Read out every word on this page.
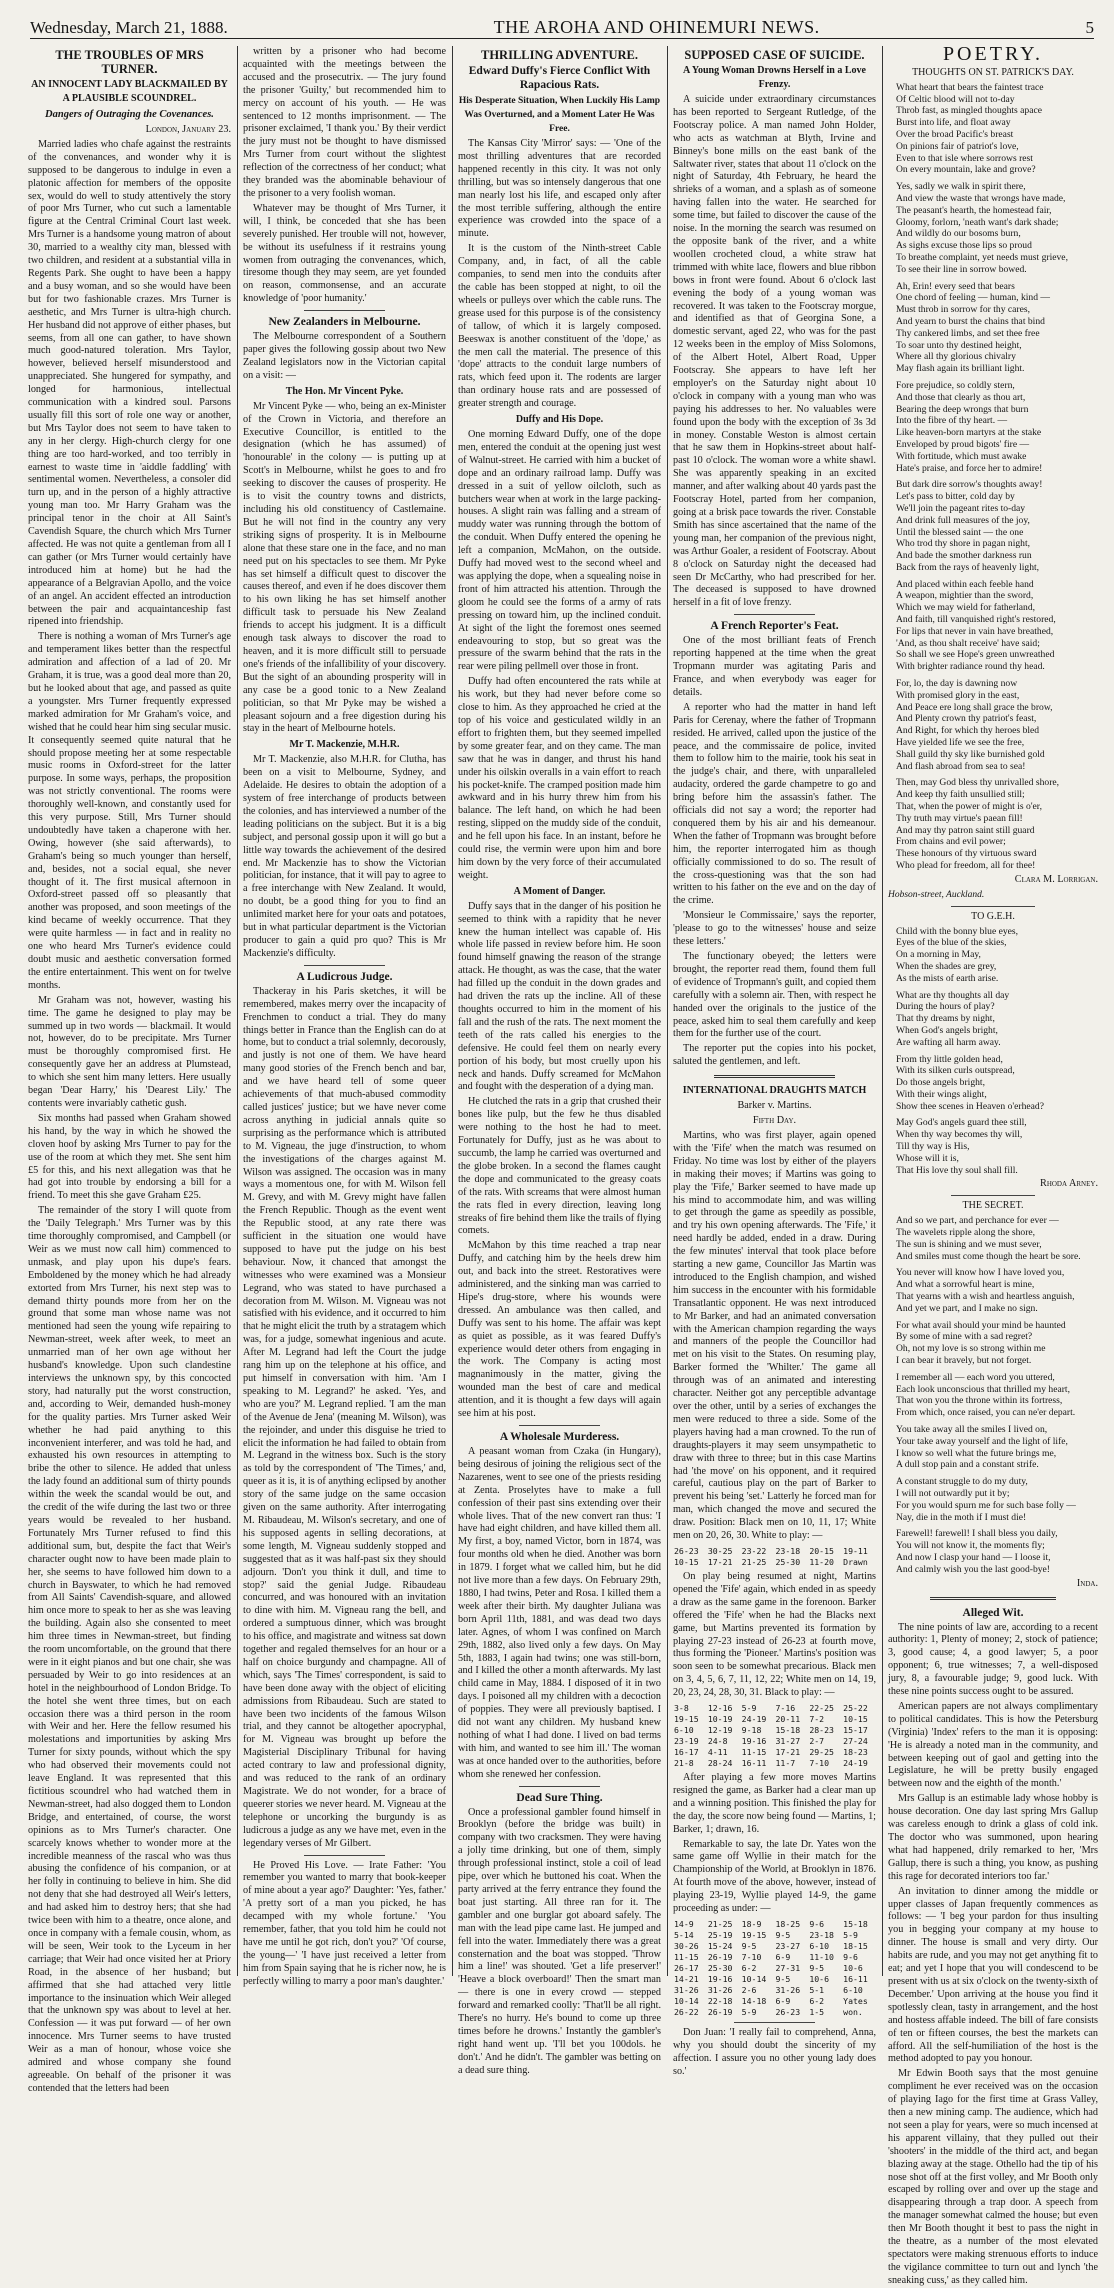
Wednesday, March 21, 1888.	THE AROHA AND OHINEMURI NEWS.	5
THE TROUBLES OF MRS TURNER.
AN INNOCENT LADY BLACKMAILED BY A PLAUSIBLE SCOUNDREL.
Dangers of Outraging the Covenances.
London, January 23.

Married ladies who chafe against the restraints of the convenances, and wonder why it is supposed to be dangerous to indulge in even a platonic affection for members of the opposite sex, would do well to study attentively the story of poor Mrs Turner, who cut such a lamentable figure at the Central Criminal Court last week. Mrs Turner is a handsome young matron of about 30, married to a wealthy city man, blessed with two children, and resident at a substantial villa in Regents Park. She ought to have been a happy and a busy woman, and so she would have been but for two fashionable crazes. Mrs Turner is aesthetic, and Mrs Turner is ultra-high church. Her husband did not approve of either phases, but seems, from all one can gather, to have shown much good-natured toleration. Mrs Taylor, however, believed herself misunderstood and unappreciated. She hungered for sympathy, and longed for harmonious, intellectual communication with a kindred soul. Parsons usually fill this sort of role one way or another, but Mrs Taylor does not seem to have taken to any in her clergy. High-church clergy for one thing are too hard-worked, and too terribly in earnest to waste time in 'aiddle faddling' with sentimental women. Nevertheless, a consoler did turn up, and in the person of a highly attractive young man too. Mr Harry Graham was the principal tenor in the choir at All Saint's Cavendish Square, the church which Mrs Turner affected. He was not quite a gentleman from all I can gather (or Mrs Turner would certainly have introduced him at home) but he had the appearance of a Belgravian Apollo, and the voice of an angel. An accident effected an introduction between the pair and acquaintanceship fast ripened into friendship.

There is nothing a woman of Mrs Turner's age and temperament likes better than the respectful admiration and affection of a lad of 20. Mr Graham, it is true, was a good deal more than 20, but he looked about that age, and passed as quite a youngster. Mrs Turner frequently expressed marked admiration for Mr Graham's voice, and wished that he could hear him sing secular music. It consequently seemed quite natural that he should propose meeting her at some respectable music rooms in Oxford-street for the latter purpose. In some ways, perhaps, the proposition was not strictly conventional. The rooms were thoroughly well-known, and constantly used for this very purpose. Still, Mrs Turner should undoubtedly have taken a chaperone with her. Owing, however (she said afterwards), to Graham's being so much younger than herself, and, besides, not a social equal, she never thought of it. The first musical afternoon in Oxford-street passed off so pleasantly that another was proposed, and soon meetings of the kind became of weekly occurrence. That they were quite harmless — in fact and in reality no one who heard Mrs Turner's evidence could doubt music and aesthetic conversation formed the entire entertainment. This went on for twelve months.

Mr Graham was not, however, wasting his time. The game he designed to play may be summed up in two words — blackmail. It would not, however, do to be precipitate. Mrs Turner must be thoroughly compromised first. He consequently gave her an address at Plumstead, to which she sent him many letters. Here usually began 'Dear Harry,' his 'Dearest Lily.' The contents were invariably cathetic gush.

Six months had passed when Graham showed his hand, by the way in which he showed the cloven hoof by asking Mrs Turner to pay for the use of the room at which they met. She sent him £5 for this, and his next allegation was that he had got into trouble by endorsing a bill for a friend. To meet this she gave Graham £25.

The remainder of the story I will quote from the 'Daily Telegraph.' Mrs Turner was by this time thoroughly compromised, and Campbell (or Weir as we must now call him) commenced to unmask, and play upon his dupe's fears. Emboldened by the money which he had already extorted from Mrs Turner, his next step was to demand thirty pounds more from her on the ground that some man whose name was not mentioned had seen the young wife repairing to Newman-street, week after week, to meet an unmarried man of her own age without her husband's knowledge. Upon such clandestine interviews the unknown spy, by this concocted story, had naturally put the worst construction, and, according to Weir, demanded hush-money for the quality parties. Mrs Turner asked Weir whether he had paid anything to this inconvenient interferer, and was told he had, and exhausted his own resources in attempting to bribe the other to silence. He added that unless the lady found an additional sum of thirty pounds within the week the scandal would be out, and the credit of the wife during the last two or three years would be revealed to her husband. Fortunately Mrs Turner refused to find this additional sum, but, despite the fact that Weir's character ought now to have been made plain to her, she seems to have followed him down to a church in Bayswater, to which he had removed from All Saints' Cavendish-square, and allowed him once more to speak to her as she was leaving the building. Again also she consented to meet him three times in Newman-street, but finding the room uncomfortable, on the ground that there were in it eight pianos and but one chair, she was persuaded by Weir to go into residences at an hotel in the neighbourhood of London Bridge. To the hotel she went three times, but on each occasion there was a third person in the room with Weir and her. Here the fellow resumed his molestations and importunities by asking Mrs Turner for sixty pounds, without which the spy who had observed their movements could not leave England. It was represented that this fictitious scoundrel who had watched them in Newman-street, had also dogged them to London Bridge, and entertained, of course, the worst opinions as to Mrs Turner's character. One scarcely knows whether to wonder more at the incredible meanness of the rascal who was thus abusing the confidence of his companion, or at her folly in continuing to believe in him. She did not deny that she had destroyed all Weir's letters, and had asked him to destroy hers; that she had twice been with him to a theatre, once alone, and once in company with a female cousin, whom, as will be seen, Weir took to the Lyceum in her carriage; that Weir had once visited her at Priory Road, in the absence of her husband; but affirmed that she had attached very little importance to the insinuation which Weir alleged that the unknown spy was about to level at her. Confession — it was put forward — of her own innocence. Mrs Turner seems to have trusted Weir as a man of honour, whose voice she admired and whose company she found agreeable. On behalf of the prisoner it was contended that the letters had been

written by a prisoner who had become acquainted with the meetings between the accused and the prosecutrix. — The jury found the prisoner 'Guilty,' but recommended him to mercy on account of his youth. — He was sentenced to 12 months imprisonment. — The prisoner exclaimed, 'I thank you.' By their verdict the jury must not be thought to have dismissed Mrs Turner from court without the slightest reflection of the correctness of her conduct; what they branded was the abominable behaviour of the prisoner to a very foolish woman.

Whatever may be thought of Mrs Turner, it will, I think, be conceded that she has been severely punished. Her trouble will not, however, be without its usefulness if it restrains young women from outraging the convenances, which, tiresome though they may seem, are yet founded on reason, commonsense, and an accurate knowledge of 'poor humanity.'

New Zealanders in Melbourne.

The Melbourne correspondent of a Southern paper gives the following gossip about two New Zealand legislators now in the Victorian capital on a visit: —

The Hon. Mr Vincent Pyke.

Mr Vincent Pyke — who, being an ex-Minister of the Crown in Victoria, and therefore an Executive Councillor, is entitled to the designation (which he has assumed) of 'honourable' in the colony — is putting up at Scott's in Melbourne, whilst he goes to and fro seeking to discover the causes of prosperity. He is to visit the country towns and districts, including his old constituency of Castlemaine. But he will not find in the country any very striking signs of prosperity. It is in Melbourne alone that these stare one in the face, and no man need put on his spectacles to see them. Mr Pyke has set himself a difficult quest to discover the causes thereof, and even if he does discover them to his own liking he has set himself another difficult task to persuade his New Zealand friends to accept his judgment. It is a difficult enough task always to discover the road to heaven, and it is more difficult still to persuade one's friends of the infallibility of your discovery. But the sight of an abounding prosperity will in any case be a good tonic to a New Zealand politician, so that Mr Pyke may be wished a pleasant sojourn and a free digestion during his stay in the heart of Melbourne hotels.

Mr T. Mackenzie, M.H.R.

Mr T. Mackenzie, also M.H.R. for Clutha, has been on a visit to Melbourne, Sydney, and Adelaide. He desires to obtain the adoption of a system of free interchange of products between the colonies, and has interviewed a number of the leading politicians on the subject. But it is a big subject, and personal gossip upon it will go but a little way towards the achievement of the desired end. Mr Mackenzie has to show the Victorian politician, for instance, that it will pay to agree to a free interchange with New Zealand. It would, no doubt, be a good thing for you to find an unlimited market here for your oats and potatoes, but in what particular department is the Victorian producer to gain a quid pro quo? This is Mr Mackenzie's difficulty.

A Ludicrous Judge.

Thackeray in his Paris sketches, it will be remembered, makes merry over the incapacity of Frenchmen to conduct a trial. They do many things better in France than the English can do at home, but to conduct a trial solemnly, decorously, and justly is not one of them. We have heard many good stories of the French bench and bar, and we have heard tell of some queer achievements of that much-abused commodity called justices' justice; but we have never come across anything in judicial annals quite so surprising as the performance which is attributed to M. Vigneau, the juge d'instruction, to whom the investigations of the charges against M. Wilson was assigned. The occasion was in many ways a momentous one, for with M. Wilson fell M. Grevy, and with M. Grevy might have fallen the French Republic. Though as the event went the Republic stood, at any rate there was sufficient in the situation one would have supposed to have put the judge on his best behaviour. Now, it chanced that amongst the witnesses who were examined was a Monsieur Legrand, who was stated to have purchased a decoration from M. Wilson. M. Vigneau was not satisfied with his evidence, and it occurred to him that he might elicit the truth by a stratagem which was, for a judge, somewhat ingenious and acute. After M. Legrand had left the Court the judge rang him up on the telephone at his office, and put himself in conversation with him. 'Am I speaking to M. Legrand?' he asked. 'Yes, and who are you?' M. Legrand replied. 'I am the man of the Avenue de Jena' (meaning M. Wilson), was the rejoinder, and under this disguise he tried to elicit the information he had failed to obtain from M. Legrand in the witness box. Such is the story as told by the correspondent of 'The Times,' and, queer as it is, it is of anything eclipsed by another story of the same judge on the same occasion given on the same authority. After interrogating M. Ribaudeau, M. Wilson's secretary, and one of his supposed agents in selling decorations, at some length, M. Vigneau suddenly stopped and suggested that as it was half-past six they should adjourn. 'Don't you think it dull, and time to stop?' said the genial Judge. Ribaudeau concurred, and was honoured with an invitation to dine with him. M. Vigneau rang the bell, and ordered a sumptuous dinner, which was brought to his office, and magistrate and witness sat down together and regaled themselves for an hour or a half on choice burgundy and champagne. All of which, says 'The Times' correspondent, is said to have been done away with the object of eliciting admissions from Ribaudeau. Such are stated to have been two incidents of the famous Wilson trial, and they cannot be altogether apocryphal, for M. Vigneau was brought up before the Magisterial Disciplinary Tribunal for having acted contrary to law and professional dignity, and was reduced to the rank of an ordinary Magistrate. We do not wonder, for a brace of queerer stories we never heard. M. Vigneau at the telephone or uncorking the burgundy is as ludicrous a judge as any we have met, even in the legendary verses of Mr Gilbert.

He Proved His Love. — Irate Father: 'You remember you wanted to marry that book-keeper of mine about a year ago?' Daughter: 'Yes, father.' 'A pretty sort of a man you picked, he has decamped with my whole fortune.' 'You remember, father, that you told him he could not have me until he got rich, don't you?' 'Of course, the young—' 'I have just received a letter from him from Spain saying that he is richer now, he is perfectly willing to marry a poor man's daughter.'

THRILLING ADVENTURE.
Edward Duffy's Fierce Conflict With Rapacious Rats.
His Desperate Situation, When Luckily His Lamp Was Overturned, and a Moment Later He Was Free.

The Kansas City 'Mirror' says: — 'One of the most thrilling adventures that are recorded happened recently in this city. It was not only thrilling, but was so intensely dangerous that one man nearly lost his life, and escaped only after the most terrible suffering, although the entire experience was crowded into the space of a minute.

It is the custom of the Ninth-street Cable Company, and, in fact, of all the cable companies, to send men into the conduits after the cable has been stopped at night, to oil the wheels or pulleys over which the cable runs. The grease used for this purpose is of the consistency of tallow, of which it is largely composed. Beeswax is another constituent of the 'dope,' as the men call the material. The presence of this 'dope' attracts to the conduit large numbers of rats, which feed upon it. The rodents are larger than ordinary house rats and are possessed of greater strength and courage.

Duffy and His Dope.

One morning Edward Duffy, one of the dope men, entered the conduit at the opening just west of Walnut-street. He carried with him a bucket of dope and an ordinary railroad lamp. Duffy was dressed in a suit of yellow oilcloth, such as butchers wear when at work in the large packing-houses. A slight rain was falling and a stream of muddy water was running through the bottom of the conduit. When Duffy entered the opening he left a companion, McMahon, on the outside. Duffy had moved west to the second wheel and was applying the dope, when a squealing noise in front of him attracted his attention. Through the gloom he could see the forms of a army of rats pressing on toward him, up the inclined conduit. At sight of the light the foremost ones seemed endeavouring to stop, but so great was the pressure of the swarm behind that the rats in the rear were piling pellmell over those in front.

Duffy had often encountered the rats while at his work, but they had never before come so close to him. As they approached he cried at the top of his voice and gesticulated wildly in an effort to frighten them, but they seemed impelled by some greater fear, and on they came. The man saw that he was in danger, and thrust his hand under his oilskin overalls in a vain effort to reach his pocket-knife. The cramped position made him awkward and in his hurry threw him from his balance. The left hand, on which he had been resting, slipped on the muddy side of the conduit, and he fell upon his face. In an instant, before he could rise, the vermin were upon him and bore him down by the very force of their accumulated weight.

A Moment of Danger.

Duffy says that in the danger of his position he seemed to think with a rapidity that he never knew the human intellect was capable of. His whole life passed in review before him. He soon found himself gnawing the reason of the strange attack. He thought, as was the case, that the water had filled up the conduit in the down grades and had driven the rats up the incline. All of these thoughts occurred to him in the moment of his fall and the rush of the rats. The next moment the teeth of the rats called his energies to the defensive. He could feel them on nearly every portion of his body, but most cruelly upon his neck and hands. Duffy screamed for McMahon and fought with the desperation of a dying man.

He clutched the rats in a grip that crushed their bones like pulp, but the few he thus disabled were nothing to the host he had to meet. Fortunately for Duffy, just as he was about to succumb, the lamp he carried was overturned and the globe broken. In a second the flames caught the dope and communicated to the greasy coats of the rats. With screams that were almost human the rats fled in every direction, leaving long streaks of fire behind them like the trails of flying comets.

McMahon by this time reached a trap near Duffy, and catching him by the heels drew him out, and back into the street. Restoratives were administered, and the sinking man was carried to Hipe's drug-store, where his wounds were dressed. An ambulance was then called, and Duffy was sent to his home. The affair was kept as quiet as possible, as it was feared Duffy's experience would deter others from engaging in the work. The Company is acting most magnanimously in the matter, giving the wounded man the best of care and medical attention, and it is thought a few days will again see him at his post.

A Wholesale Murderess.

A peasant woman from Czaka (in Hungary), being desirous of joining the religious sect of the Nazarenes, went to see one of the priests residing at Zenta. Proselytes have to make a full confession of their past sins extending over their whole lives. That of the new convert ran thus: 'I have had eight children, and have killed them all. My first, a boy, named Victor, born in 1874, was four months old when he died. Another was born in 1879. I forget what we called him, but he did not live more than a few days. On February 29th, 1880, I had twins, Peter and Rosa. I killed them a week after their birth. My daughter Juliana was born April 11th, 1881, and was dead two days later. Agnes, of whom I was confined on March 29th, 1882, also lived only a few days. On May 5th, 1883, I again had twins; one was still-born, and I killed the other a month afterwards. My last child came in May, 1884. I disposed of it in two days. I poisoned all my children with a decoction of poppies. They were all previously baptised. I did not want any children. My husband knew nothing of what I had done. I lived on bad terms with him, and wanted to see him ill.' The woman was at once handed over to the authorities, before whom she renewed her confession.

Dead Sure Thing.

Once a professional gambler found himself in Brooklyn (before the bridge was built) in company with two cracksmen. They were having a jolly time drinking, but one of them, simply through professional instinct, stole a coil of lead pipe, over which he buttoned his coat. When the party arrived at the ferry entrance they found the boat just starting. All three ran for it. The gambler and one burglar got aboard safely. The man with the lead pipe came last. He jumped and fell into the water. Immediately there was a great consternation and the boat was stopped. 'Throw him a line!' was shouted. 'Get a life preserver!' 'Heave a block overboard!' Then the smart man — there is one in every crowd — stepped forward and remarked coolly: 'That'll be all right. There's no hurry. He's bound to come up three times before he drowns.' Instantly the gambler's right hand went up. 'I'll bet you 100dols. he don't.' And he didn't. The gambler was betting on a dead sure thing.

SUPPOSED CASE OF SUICIDE.
A Young Woman Drowns Herself in a Love Frenzy.

A suicide under extraordinary circumstances has been reported to Sergeant Rutledge, of the Footscray police. A man named John Holder, who acts as watchman at Blyth, Irvine and Binney's bone mills on the east bank of the Saltwater river, states that about 11 o'clock on the night of Saturday, 4th February, he heard the shrieks of a woman, and a splash as of someone having fallen into the water. He searched for some time, but failed to discover the cause of the noise. In the morning the search was resumed on the opposite bank of the river, and a white woollen crocheted cloud, a white straw hat trimmed with white lace, flowers and blue ribbon bows in front were found. About 6 o'clock last evening the body of a young woman was recovered. It was taken to the Footscray morgue, and identified as that of Georgina Sone, a domestic servant, aged 22, who was for the past 12 weeks been in the employ of Miss Solomons, of the Albert Hotel, Albert Road, Upper Footscray. She appears to have left her employer's on the Saturday night about 10 o'clock in company with a young man who was paying his addresses to her. No valuables were found upon the body with the exception of 3s 3d in money. Constable Weston is almost certain that he saw them in Hopkins-street about half-past 10 o'clock. The woman wore a white shawl. She was apparently speaking in an excited manner, and after walking about 40 yards past the Footscray Hotel, parted from her companion, going at a brisk pace towards the river. Constable Smith has since ascertained that the name of the young man, her companion of the previous night, was Arthur Goaler, a resident of Footscray. About 8 o'clock on Saturday night the deceased had seen Dr McCarthy, who had prescribed for her. The deceased is supposed to have drowned herself in a fit of love frenzy.

A French Reporter's Feat.

One of the most brilliant feats of French reporting happened at the time when the great Tropmann murder was agitating Paris and France, and when everybody was eager for details.

A reporter who had the matter in hand left Paris for Cerenay, where the father of Tropmann resided. He arrived, called upon the justice of the peace, and the commissaire de police, invited them to follow him to the mairie, took his seat in the judge's chair, and there, with unparalleled audacity, ordered the garde champetre to go and bring before him the assassin's father. The officials did not say a word; the reporter had conquered them by his air and his demeanour. When the father of Tropmann was brought before him, the reporter interrogated him as though officially commissioned to do so. The result of the cross-questioning was that the son had written to his father on the eve and on the day of the crime.

'Monsieur le Commissaire,' says the reporter, 'please to go to the witnesses' house and seize these letters.'

The functionary obeyed; the letters were brought, the reporter read them, found them full of evidence of Tropmann's guilt, and copied them carefully with a solemn air. Then, with respect he handed over the originals to the justice of the peace, asked him to seal them carefully and keep them for the further use of the court.

The reporter put the copies into his pocket, saluted the gentlemen, and left.

INTERNATIONAL DRAUGHTS MATCH
Barker v. Martins.
Fifth Day.

Martins, who was first player, again opened with the 'Fife' when the match was resumed on Friday. No time was lost by either of the players in making their moves; if Martins was going to play the 'Fife,' Barker seemed to have made up his mind to accommodate him, and was willing to get through the game as speedily as possible, and try his own opening afterwards. The 'Fife,' it need hardly be added, ended in a draw. During the few minutes' interval that took place before starting a new game, Councillor Jas Martin was introduced to the English champion, and wished him success in the encounter with his formidable Transatlantic opponent. He was next introduced to Mr Barker, and had an animated conversation with the American champion regarding the ways and manners of the people the Councillor had met on his visit to the States. On resuming play, Barker formed the 'Whilter.' The game all through was of an animated and interesting character. Neither got any perceptible advantage over the other, until by a series of exchanges the men were reduced to three a side. Some of the players having had a man crowned. To the run of draughts-players it may seem unsympathetic to draw with three to three; but in this case Martins had 'the move' on his opponent, and it required careful, cautious play on the part of Barker to prevent his being 'set.' Latterly he forced man for man, which changed the move and secured the draw. Position: Black men on 10, 11, 17; White men on 20, 26, 30. White to play: —

26-23	30-25	23-22	23-18	20-15	19-11
10-15	17-21	21-25	25-30	11-20	Drawn

On play being resumed at night, Martins opened the 'Fife' again, which ended in as speedy a draw as the same game in the forenoon. Barker offered the 'Fife' when he had the Blacks next game, but Martins prevented its formation by playing 27-23 instead of 26-23 at fourth move, thus forming the 'Pioneer.' Martins's position was soon seen to be somewhat precarious. Black men on 3, 4, 5, 6, 7, 11, 12, 22; White men on 14, 19, 20, 23, 24, 28, 30, 31. Black to play: —

3-8	12-16	5-9	7-16	22-25	25-22
19-15	10-19	24-19	20-11	7-2	10-15
6-10	12-19	9-18	15-18	28-23	15-17
23-19	24-8	19-16	31-27	2-7	27-24
16-17	4-11	11-15	17-21	29-25	18-23
21-8	28-24	16-11	11-7	7-10	24-19

After playing a few more moves Martins resigned the game, as Barker had a clear man up and a winning position. This finished the play for the day, the score now being found — Martins, 1; Barker, 1; drawn, 16.

Remarkable to say, the late Dr. Yates won the same game off Wyllie in their match for the Championship of the World, at Brooklyn in 1876. At fourth move of the above, however, instead of playing 23-19, Wyllie played 14-9, the game proceeding as under: —

14-9	21-25	18-9	18-25	9-6	15-18
5-14	25-19	19-15	9-5	23-18	5-9
30-26	15-24	9-5	23-27	6-10	18-15
11-15	26-19	7-10	6-9	11-10	9-6
26-17	25-30	6-2	27-31	9-5	10-6
14-21	19-16	10-14	9-5	10-6	16-11
31-26	31-26	2-6	31-26	5-1	6-10
10-14	22-18	14-18	6-9	6-2	Yates
26-22	26-19	5-9	26-23	1-5	won.

Don Juan: 'I really fail to comprehend, Anna, why you should doubt the sincerity of my affection. I assure you no other young lady does so.'

POETRY.
THOUGHTS ON ST. PATRICK'S DAY.

What heart that bears the faintest trace

Of Celtic blood will not to-day

Throb fast, as mingled thoughts apace

Burst into life, and float away

Over the broad Pacific's breast

On pinions fair of patriot's love,

Even to that isle where sorrows rest

On every mountain, lake and grove?

Yes, sadly we walk in spirit there,

And view the waste that wrongs have made,

The peasant's hearth, the homestead fair,

Gloomy, forlorn, 'neath want's dark shade;

And wildly do our bosoms burn,

As sighs excuse those lips so proud

To breathe complaint, yet needs must grieve,

To see their line in sorrow bowed.

Ah, Erin! every seed that bears

One chord of feeling — human, kind —

Must throb in sorrow for thy cares,

And yearn to burst the chains that bind

Thy cankered limbs, and set thee free

To soar unto thy destined height,

Where all thy glorious chivalry

May flash again its brilliant light.

Fore prejudice, so coldly stern,

And those that clearly as thou art,

Bearing the deep wrongs that burn

Into the fibre of thy heart. —

Like heaven-born martyrs at the stake

Enveloped by proud bigots' fire —

With fortitude, which must awake

Hate's praise, and force her to admire!

But dark dire sorrow's thoughts away!

Let's pass to bitter, cold day by

We'll join the pageant rites to-day

And drink full measures of the joy,

Until the blessed saint — the one

Who trod thy shore in pagan night,

And bade the smother darkness run

Back from the rays of heavenly light,

And placed within each feeble hand

A weapon, mightier than the sword,

Which we may wield for fatherland,

And faith, till vanquished right's restored,

For lips that never in vain have breathed,

'And, as thou shalt receive' have said;

So shall we see Hope's green unwreathed

With brighter radiance round thy head.

For, lo, the day is dawning now

With promised glory in the east,

And Peace ere long shall grace the brow,

And Plenty crown thy patriot's feast,

And Right, for which thy heroes bled

Have yielded life we see the free,

Shall guild thy sky like burnished gold

And flash abroad from sea to sea!

Then, may God bless thy unrivalled shore,

And keep thy faith unsullied still;

That, when the power of might is o'er,

Thy truth may virtue's paean fill!

And may thy patron saint still guard

From chains and evil power;

These honours of thy virtuous sward

Who plead for freedom, all for thee!

Clara M. Lorrigan.
Hobson-street, Auckland.
TO G.E.H.

Child with the bonny blue eyes,

Eyes of the blue of the skies,

On a morning in May,

When the shades are grey,

As the mists of earth arise.

What are thy thoughts all day

During the hours of play?

That thy dreams by night,

When God's angels bright,

Are wafting all harm away.

From thy little golden head,

With its silken curls outspread,

Do those angels bright,

With their wings alight,

Show thee scenes in Heaven o'erhead?

May God's angels guard thee still,

When thy way becomes thy will,

Till thy way is His,

Whose will it is,

That His love thy soul shall fill.

Rhoda Arney.
THE SECRET.

And so we part, and perchance for ever —

The wavelets ripple along the shore,

The sun is shining and we must sever,

And smiles must come though the heart be sore.

You never will know how I have loved you,

And what a sorrowful heart is mine,

That yearns with a wish and heartless anguish,

And yet we part, and I make no sign.

For what avail should your mind be haunted

By some of mine with a sad regret?

Oh, not my love is so strong within me

I can bear it bravely, but not forget.

I remember all — each word you uttered,

Each look unconscious that thrilled my heart,

That won you the throne within its fortress,

From which, once raised, you can ne'er depart.

You take away all the smiles I lived on,

Your take away yourself and the light of life,

I know so well what the future brings me,

A dull stop pain and a constant strife.

A constant struggle to do my duty,

I will not outwardly put it by;

For you would spurn me for such base folly —

Nay, die in the moth if I must die!

Farewell! farewell! I shall bless you daily,

You will not know it, the moments fly;

And now I clasp your hand — I loose it,

And calmly wish you the last good-bye!

Inda.
Alleged Wit.

The nine points of law are, according to a recent authority: 1, Plenty of money; 2, stock of patience; 3, good cause; 4, a good lawyer; 5, a poor opponent; 6, true witnesses; 7, a well-disposed jury, 8, a favourable judge; 9, good luck. With these nine points success ought to be assured.

American papers are not always complimentary to political candidates. This is how the Petersburg (Virginia) 'Index' refers to the man it is opposing: 'He is already a noted man in the community, and between keeping out of gaol and getting into the Legislature, he will be pretty busily engaged between now and the eighth of the month.'

Mrs Gallup is an estimable lady whose hobby is house decoration. One day last spring Mrs Gallup was careless enough to drink a glass of cold ink. The doctor who was summoned, upon hearing what had happened, drily remarked to her, 'Mrs Gallup, there is such a thing, you know, as pushing this rage for decorated interiors too far.'

An invitation to dinner among the middle or upper classes of Japan frequently commences as follows: — 'I beg your pardon for thus insulting you in begging your company at my house to dinner. The house is small and very dirty. Our habits are rude, and you may not get anything fit to eat; and yet I hope that you will condescend to be present with us at six o'clock on the twenty-sixth of December.' Upon arriving at the house you find it spotlessly clean, tasty in arrangement, and the host and hostess affable indeed. The bill of fare consists of ten or fifteen courses, the best the markets can afford. All the self-humiliation of the host is the method adopted to pay you honour.

Mr Edwin Booth says that the most genuine compliment he ever received was on the occasion of playing Iago for the first time at Grass Valley, then a new mining camp. The audience, which had not seen a play for years, were so much incensed at his apparent villainy, that they pulled out their 'shooters' in the middle of the third act, and began blazing away at the stage. Othello had the tip of his nose shot off at the first volley, and Mr Booth only escaped by rolling over and over up the stage and disappearing through a trap door. A speech from the manager somewhat calmed the house; but even then Mr Booth thought it best to pass the night in the theatre, as a number of the most elevated spectators were making strenuous efforts to induce the vigilance committee to turn out and lynch 'the sneaking cuss,' as they called him.
